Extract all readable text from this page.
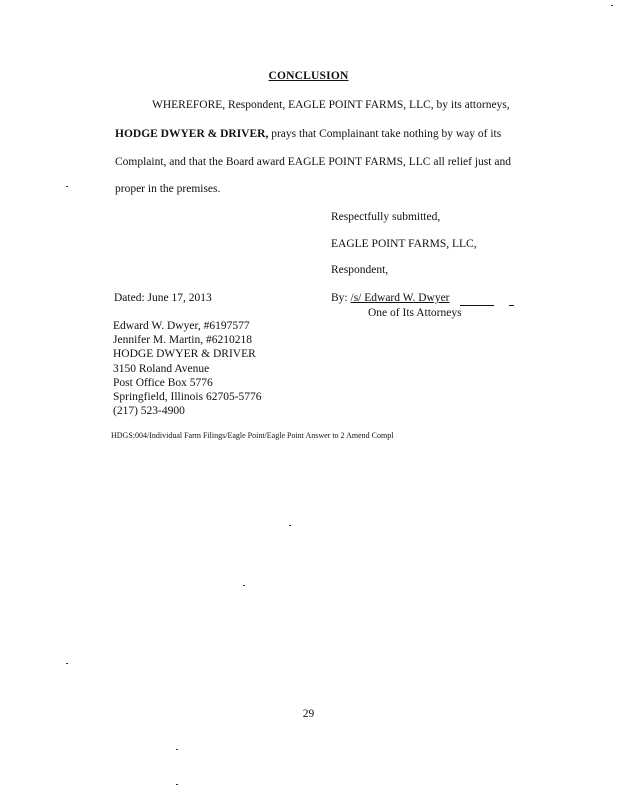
CONCLUSION
WHEREFORE, Respondent, EAGLE POINT FARMS, LLC, by its attorneys,
HODGE DWYER & DRIVER, prays that Complainant take nothing by way of its
Complaint, and that the Board award EAGLE POINT FARMS, LLC all relief just and
proper in the premises.
Respectfully submitted,
EAGLE POINT FARMS, LLC,
Respondent,
Dated: June 17, 2013	By: /s/ Edward W. Dwyer
One of Its Attorneys
Edward W. Dwyer, #6197577
Jennifer M. Martin, #6210218
HODGE DWYER & DRIVER
3150 Roland Avenue
Post Office Box 5776
Springfield, Illinois 62705-5776
(217) 523-4900
HDGS:004/Individual Farm Filings/Eagle Point/Eagle Point Answer to 2 Amend Compl
29
